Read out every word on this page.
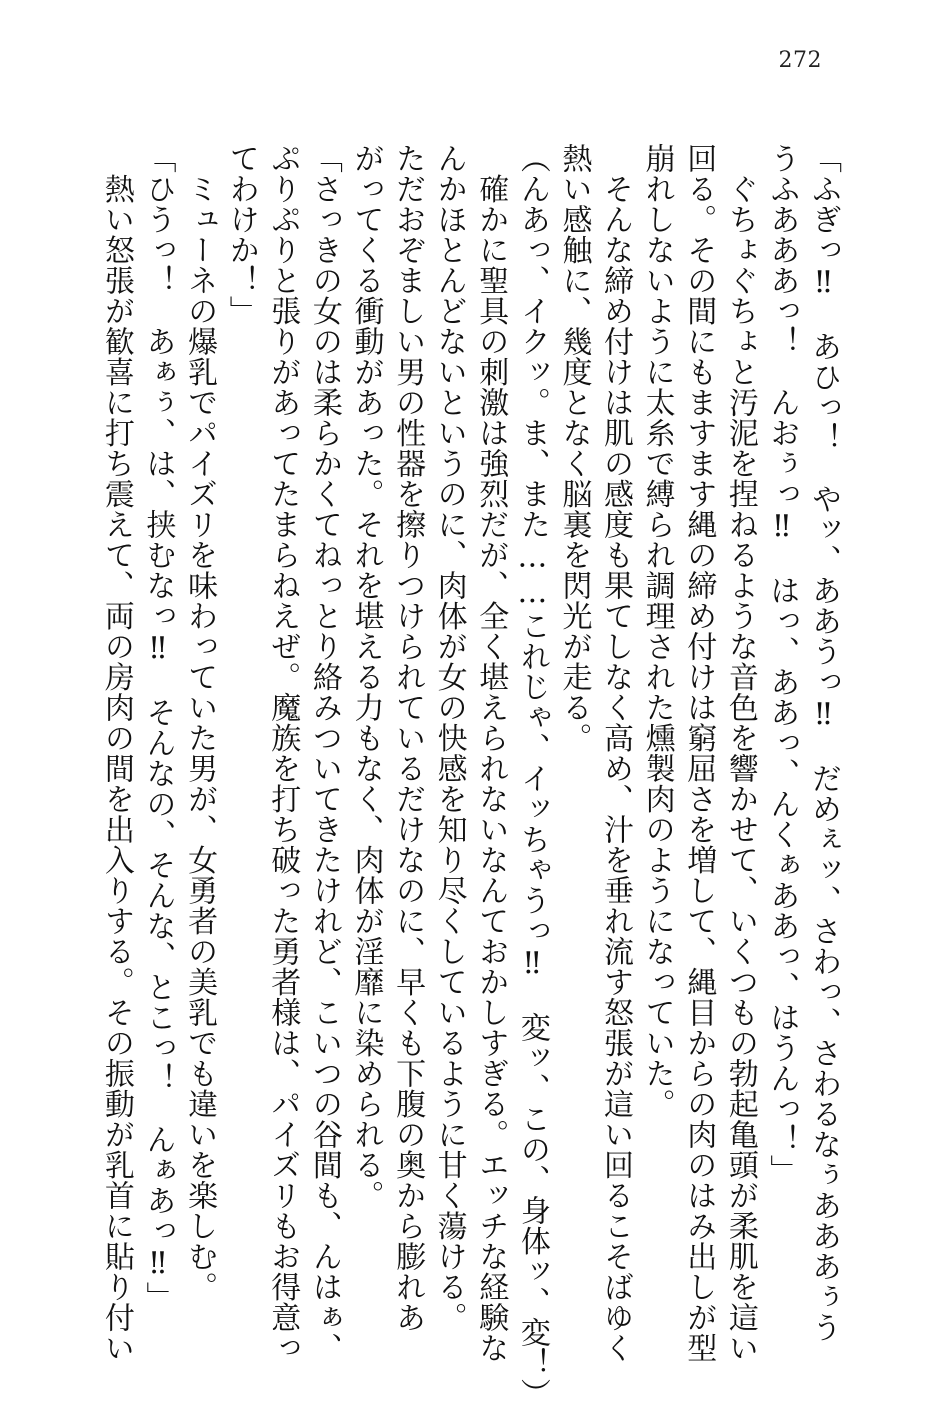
272
「ふぎっ‼　あひっ！　やッ、ああうっ‼　だめぇッ、さわっ、さわるなぅあああぅう
うふあああっ！　んおぅっ‼　はっ、ああっ、んくぁああっ、はうんっ！」
　ぐちょぐちょと汚泥を捏ねるような音色を響かせて、いくつもの勃起亀頭が柔肌を這い
回る。その間にもますます縄の締め付けは窮屈さを増して、縄目からの肉のはみ出しが型
崩れしないように太糸で縛られ調理された燻製肉のようになっていた。
　そんな締め付けは肌の感度も果てしなく高め、汁を垂れ流す怒張が這い回るこそばゆく
熱い感触に、幾度となく脳裏を閃光が走る。
（んあっ、イクッ。ま、また……これじゃ、イッちゃうっ‼　変ッ、この、身体ッ、変！）
　確かに聖具の刺激は強烈だが、全く堪えられないなんておかしすぎる。エッチな経験な
んかほとんどないというのに、肉体が女の快感を知り尽くしているように甘く蕩ける。
ただおぞましい男の性器を擦りつけられているだけなのに、早くも下腹の奥から膨れあ
がってくる衝動があった。それを堪える力もなく、肉体が淫靡に染められる。
「さっきの女のは柔らかくてねっとり絡みついてきたけれど、こいつの谷間も、んはぁ、
ぷりぷりと張りがあってたまらねえぜ。魔族を打ち破った勇者様は、パイズリもお得意っ
てわけか！」
　ミューネの爆乳でパイズリを味わっていた男が、女勇者の美乳でも違いを楽しむ。
「ひうっ！　あぁぅ、は、挟むなっ‼　そんなの、そんな、とこっ！　んぁあっ‼」
　熱い怒張が歓喜に打ち震えて、両の房肉の間を出入りする。その振動が乳首に貼り付い
